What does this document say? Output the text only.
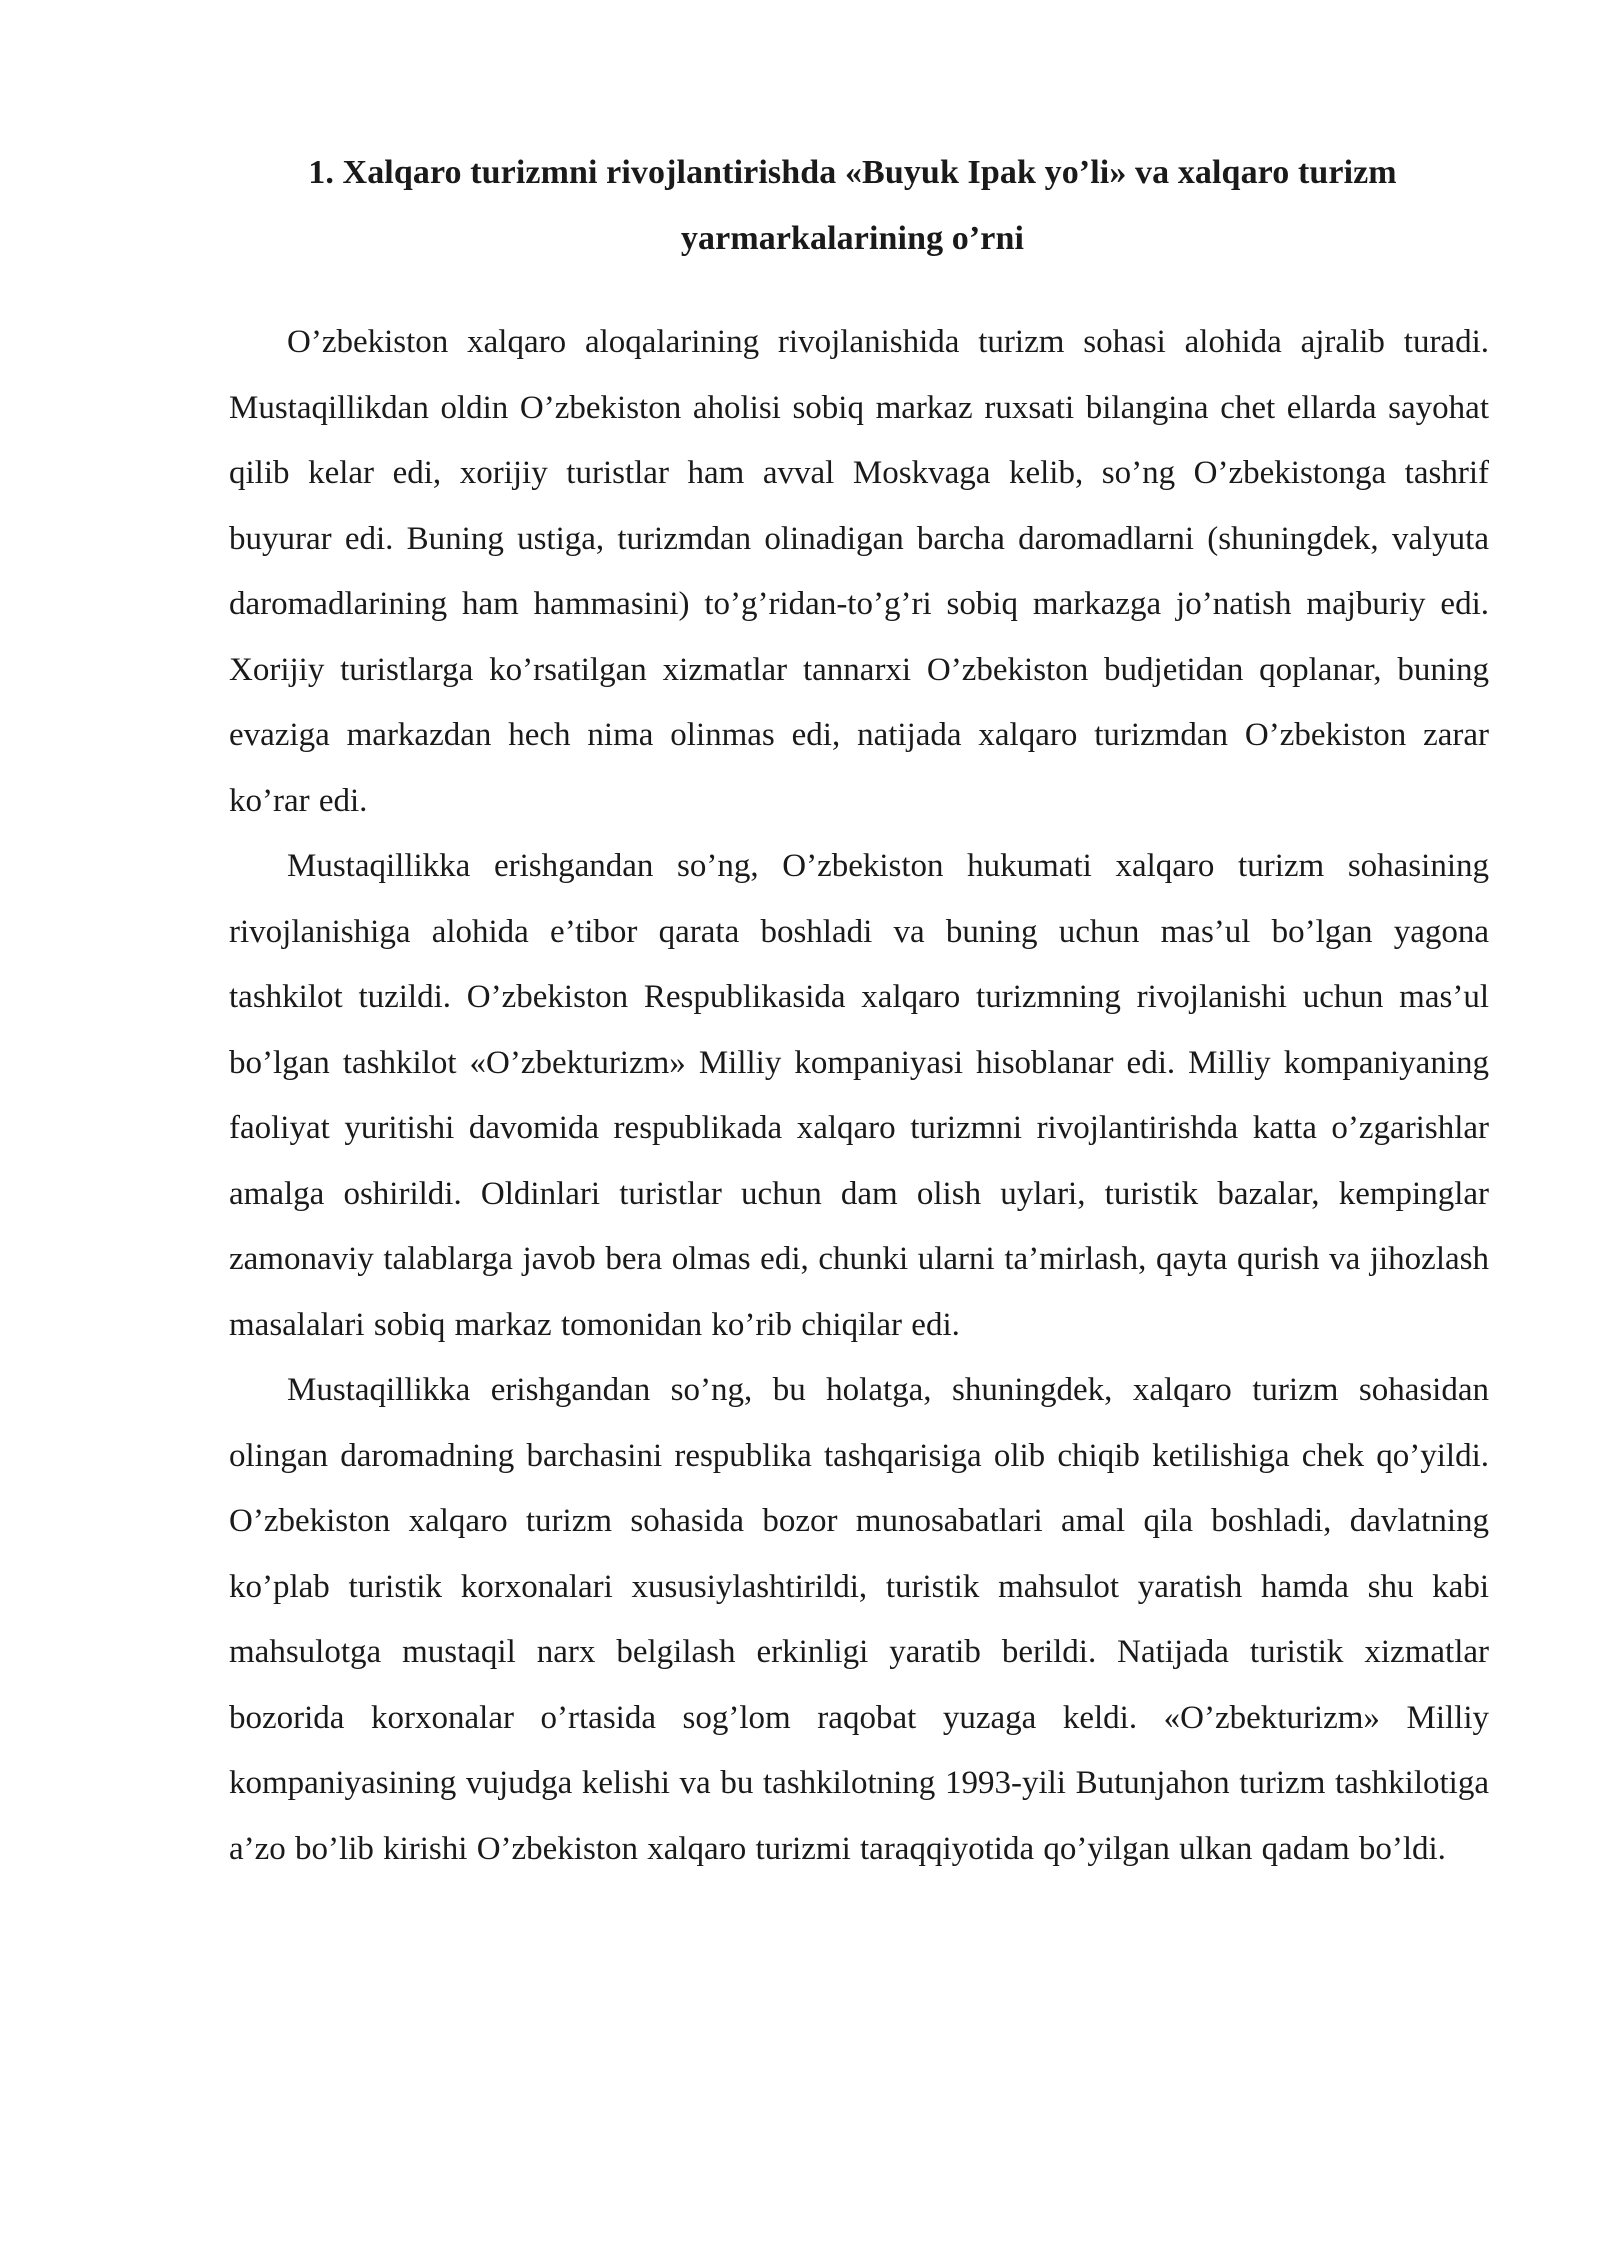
1. Xalqaro turizmni rivojlantirishda «Buyuk Ipak yo’li» va xalqaro turizm yarmarkalarining o’rni

O’zbekiston xalqaro aloqalarining rivojlanishida turizm sohasi alohida ajralib turadi. Mustaqillikdan oldin O’zbekiston aholisi sobiq markaz ruxsati bilangina chet ellarda sayohat qilib kelar edi, xorijiy turistlar ham avval Moskvaga kelib, so’ng O’zbekistonga tashrif buyurar edi. Buning ustiga, turizmdan olinadigan barcha daromadlarni (shuningdek, valyuta daromadlarining ham hammasini) to’g’ridan-to’g’ri sobiq markazga jo’natish majburiy edi. Xorijiy turistlarga ko’rsatilgan xizmatlar tannarxi O’zbekiston budjetidan qoplanar, buning evaziga markazdan hech nima olinmas edi, natijada xalqaro turizmdan O’zbekiston zarar ko’rar edi.

Mustaqillikka erishgandan so’ng, O’zbekiston hukumati xalqaro turizm sohasining rivojlanishiga alohida e’tibor qarata boshladi va buning uchun mas’ul bo’lgan yagona tashkilot tuzildi. O’zbekiston Respublikasida xalqaro turizmning rivojlanishi uchun mas’ul bo’lgan tashkilot «O’zbekturizm» Milliy kompaniyasi hisoblanar edi. Milliy kompaniyaning faoliyat yuritishi davomida respublikada xalqaro turizmni rivojlantirishda katta o’zgarishlar amalga oshirildi. Oldinlari turistlar uchun dam olish uylari, turistik bazalar, kempinglar zamonaviy talablarga javob bera olmas edi, chunki ularni ta’mirlash, qayta qurish va jihozlash masalalari sobiq markaz tomonidan ko’rib chiqilar edi.

Mustaqillikka erishgandan so’ng, bu holatga, shuningdek, xalqaro turizm sohasidan olingan daromadning barchasini respublika tashqarisiga olib chiqib ketilishiga chek qo’yildi. O’zbekiston xalqaro turizm sohasida bozor munosabatlari amal qila boshladi, davlatning ko’plab turistik korxonalari xususiylashtirildi, turistik mahsulot yaratish hamda shu kabi mahsulotga mustaqil narx belgilash erkinligi yaratib berildi. Natijada turistik xizmatlar bozorida korxonalar o’rtasida sog’lom raqobat yuzaga keldi. «O’zbekturizm» Milliy kompaniyasining vujudga kelishi va bu tashkilotning 1993-yili Butunjahon turizm tashkilotiga a’zo bo’lib kirishi O’zbekiston xalqaro turizmi taraqqiyotida qo’yilgan ulkan qadam bo’ldi.
